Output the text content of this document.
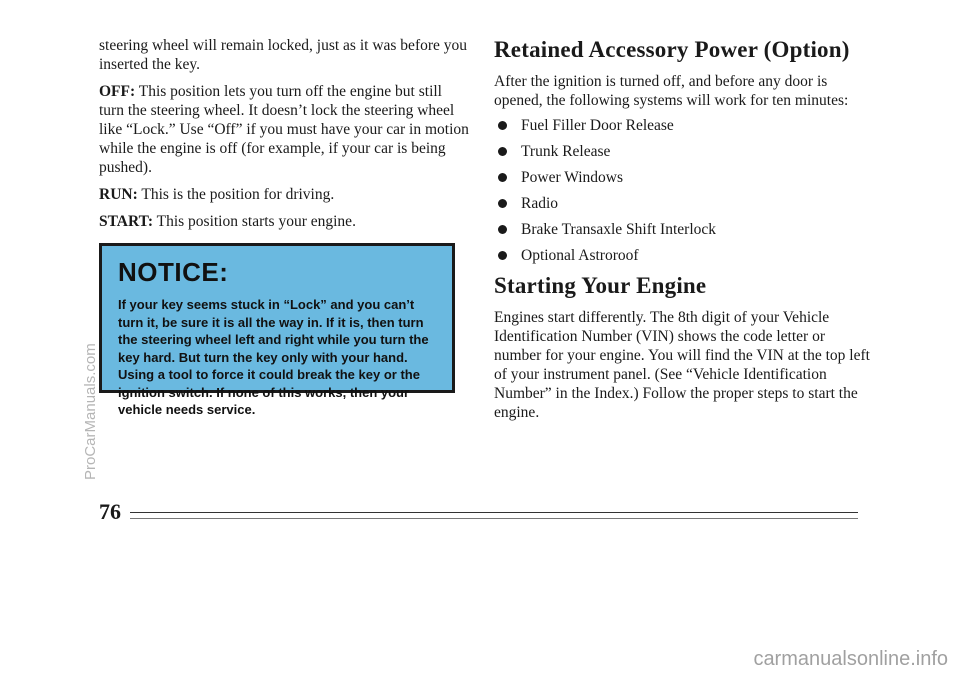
steering wheel will remain locked, just as it was before you inserted the key.

OFF: This position lets you turn off the engine but still turn the steering wheel. It doesn’t lock the steering wheel like “Lock.” Use “Off” if you must have your car in motion while the engine is off (for example, if your car is being pushed).

RUN: This is the position for driving.

START: This position starts your engine.

NOTICE:
If your key seems stuck in “Lock” and you can’t turn it, be sure it is all the way in. If it is, then turn the steering wheel left and right while you turn the key hard. But turn the key only with your hand. Using a tool to force it could break the key or the ignition switch. If none of this works, then your vehicle needs service.
Retained Accessory Power (Option)

After the ignition is turned off, and before any door is opened, the following systems will work for ten minutes:

Fuel Filler Door Release
Trunk Release
Power Windows
Radio
Brake Transaxle Shift Interlock
Optional Astroroof
Starting Your Engine

Engines start differently. The 8th digit of your Vehicle Identification Number (VIN) shows the code letter or number for your engine. You will find the VIN at the top left of your instrument panel. (See “Vehicle Identification Number” in the Index.) Follow the proper steps to start the engine.

76
ProCarManuals.com
carmanualsonline.info
